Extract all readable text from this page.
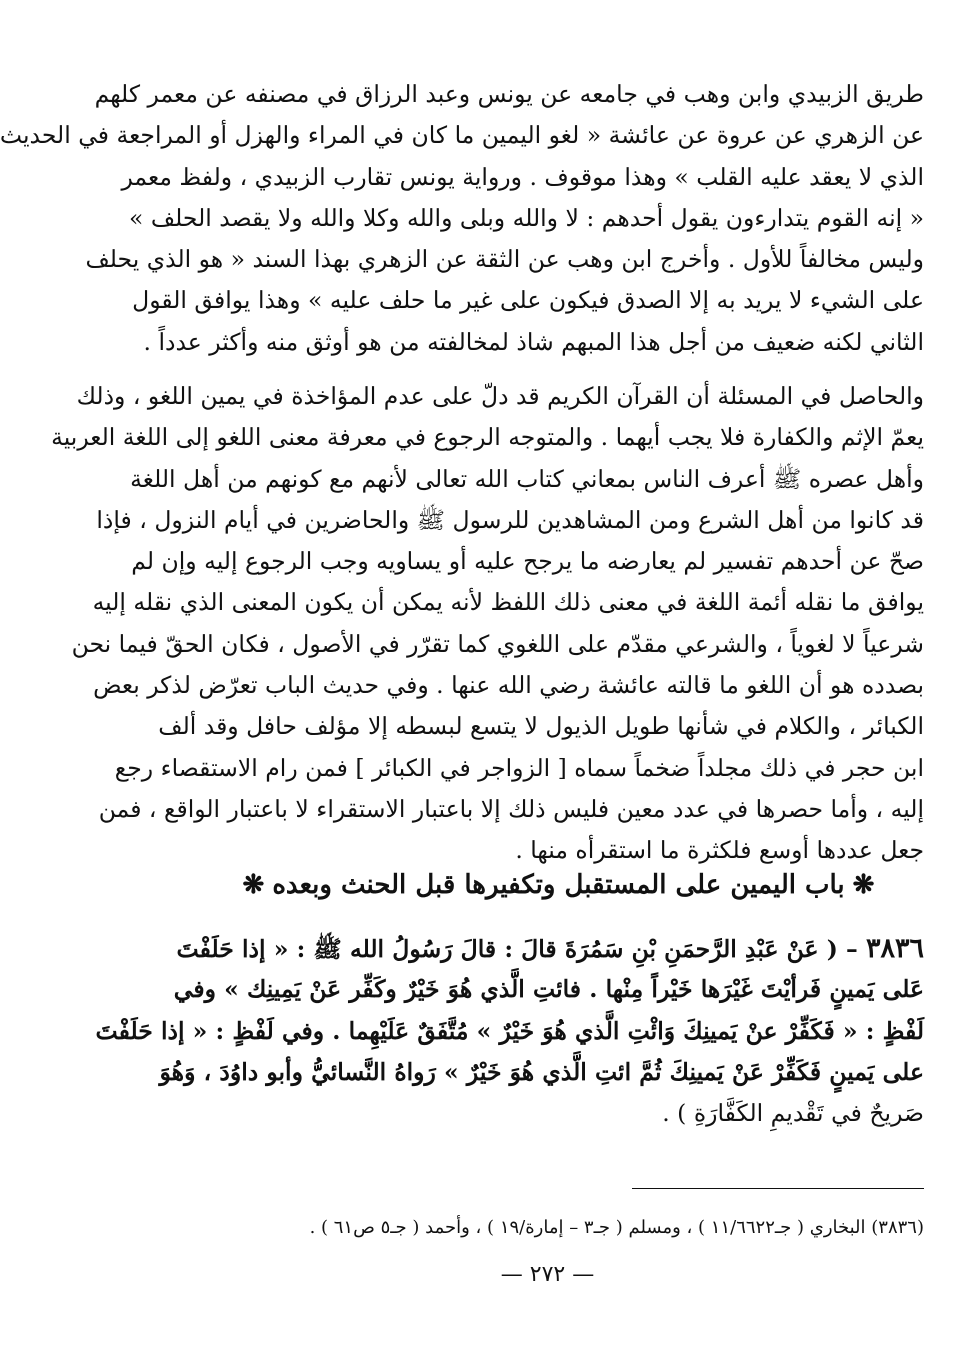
طريق الزبيدي وابن وهب في جامعه عن يونس وعبد الرزاق في مصنفه عن معمر كلهم
عن الزهري عن عروة عن عائشة « لغو اليمين ما كان في المراء والهزل أو المراجعة في الحديث
الذي لا يعقد عليه القلب » وهذا موقوف . ورواية يونس تقارب الزبيدي ، ولفظ معمر
« إنه القوم يتدارءون يقول أحدهم : لا والله وبلى والله وكلا والله ولا يقصد الحلف »
وليس مخالفاً للأول . وأخرج ابن وهب عن الثقة عن الزهري بهذا السند « هو الذي يحلف
على الشيء لا يريد به إلا الصدق فيكون على غير ما حلف عليه » وهذا يوافق القول
الثاني لكنه ضعيف من أجل هذا المبهم شاذ لمخالفته من هو أوثق منه وأكثر عدداً .
والحاصل في المسئلة أن القرآن الكريم قد دلّ على عدم المؤاخذة في يمين اللغو ، وذلك
يعمّ الإثم والكفارة فلا يجب أيهما . والمتوجه الرجوع في معرفة معنى اللغو إلى اللغة العربية
وأهل عصره ﷺ أعرف الناس بمعاني كتاب الله تعالى لأنهم مع كونهم من أهل اللغة
قد كانوا من أهل الشرع ومن المشاهدين للرسول ﷺ والحاضرين في أيام النزول ، فإذا
صحّ عن أحدهم تفسير لم يعارضه ما يرجح عليه أو يساويه وجب الرجوع إليه وإن لم
يوافق ما نقله أئمة اللغة في معنى ذلك اللفظ لأنه يمكن أن يكون المعنى الذي نقله إليه
شرعياً لا لغوياً ، والشرعي مقدّم على اللغوي كما تقرّر في الأصول ، فكان الحقّ فيما نحن
بصدده هو أن اللغو ما قالته عائشة رضي الله عنها . وفي حديث الباب تعرّض لذكر بعض
الكبائر ، والكلام في شأنها طويل الذيول لا يتسع لبسطه إلا مؤلف حافل وقد ألف
ابن حجر في ذلك مجلداً ضخماً سماه [ الزواجر في الكبائر ] فمن رام الاستقصاء رجع
إليه ، وأما حصرها في عدد معين فليس ذلك إلا باعتبار الاستقراء لا باعتبار الواقع ، فمن
جعل عددها أوسع فلكثرة ما استقرأه منها .
❋باب اليمين على المستقبل وتكفيرها قبل الحنث وبعده❋
٣٨٣٦ – ( عَنْ عَبْدِ الرَّحمَنِ بْنِ سَمُرَةَ قالَ : قالَ رَسُولُ الله ﷺ : « إذا حَلَفْتَ
عَلى يَمينٍ فَرأيْتَ غَيْرَها خَيْراً مِنْها . فائتِ الَّذي هُوَ خَيْرٌ وكَفِّر عَنْ يَمِينِك » وفي
لَفْظٍ : « فَكَفِّرْ عنْ يَمينِكَ وَائْتِ الَّذي هُوَ خَيْرٌ » مُتَّفَقٌ عَلَيْهِما . وفي لَفْظٍ : « إذا حَلَفْتَ
على يَمينٍ فَكَفِّرْ عَنْ يَمينِكَ ثُمَّ ائتِ الَّذي هُوَ خَيْرٌ » رَواهُ النَّسائيُّ وأبو داوُدَ ، وَهُوَ
صَريحٌ في تَقْديمِ الكَفَّارَةِ ) .
(٣٨٣٦) البخاري ( جـ١١/٦٦٢٢ ) ، ومسلم ( جـ٣ – إمارة/١٩ ) ، وأحمد ( جـ٥ ص٦١ ) .
— ٢٧٢ —
